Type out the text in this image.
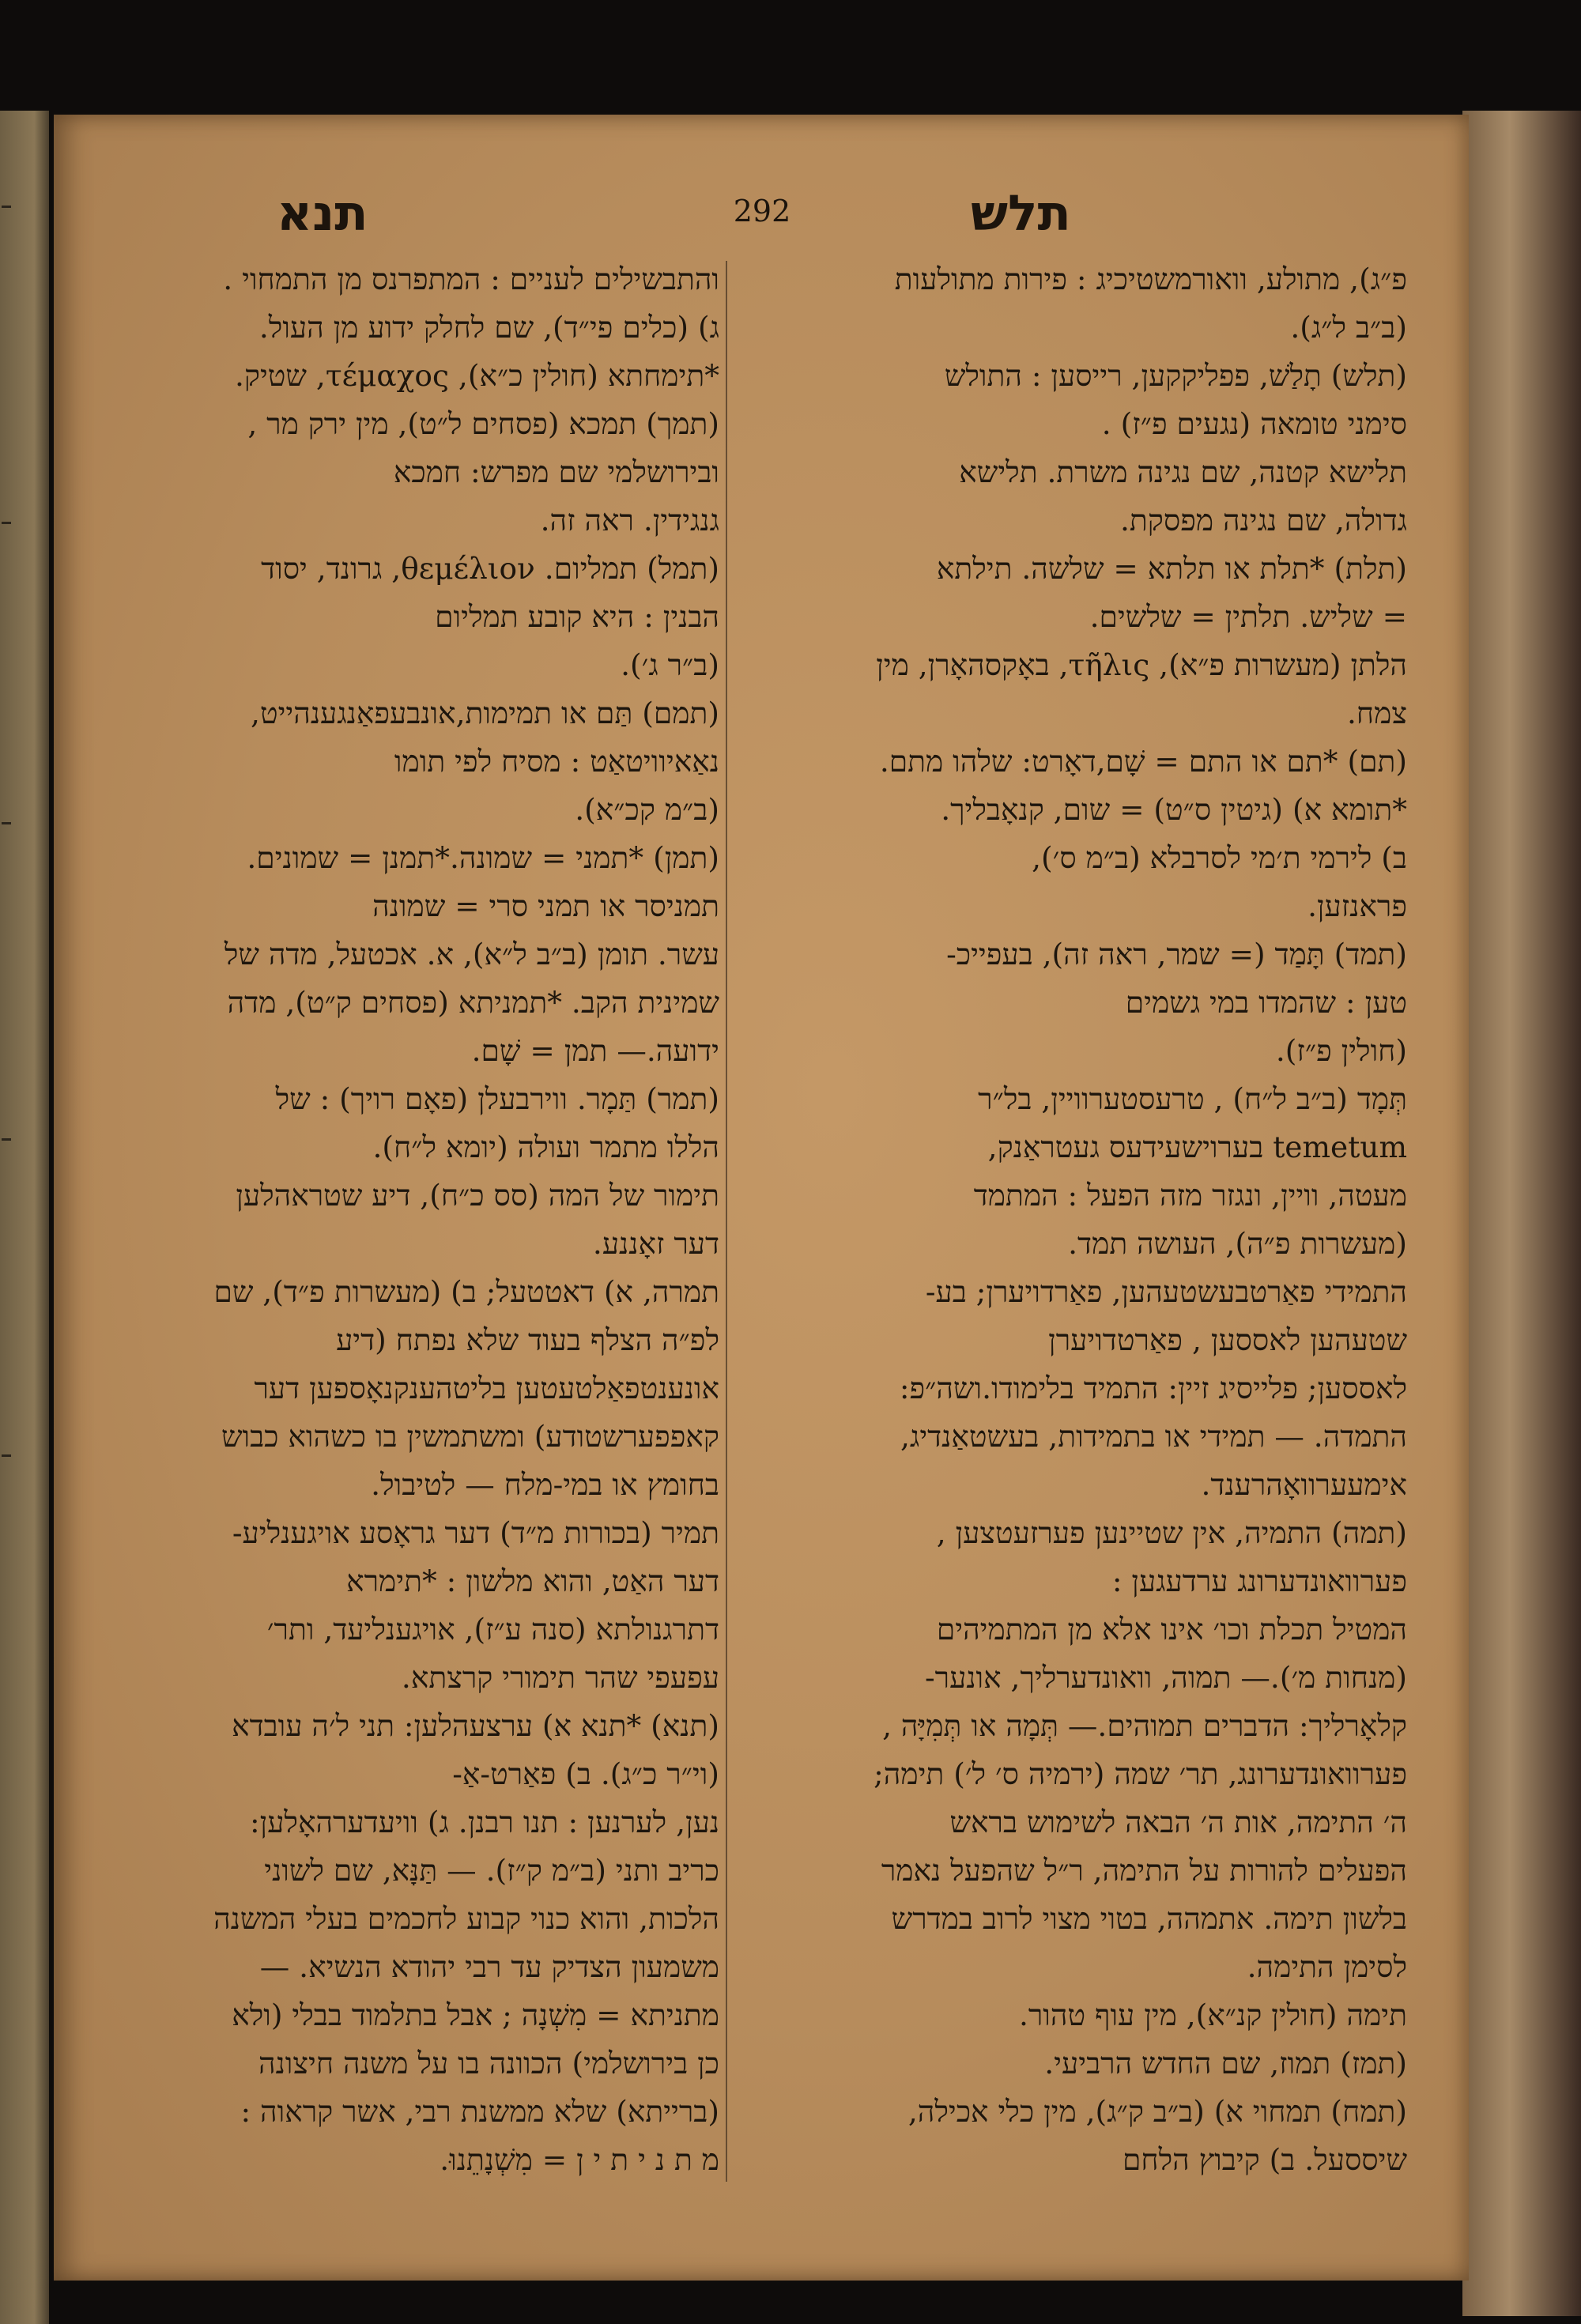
תנא	292	תלש

פ״ג), מתולע, וואורמשטיכיג : פירות מתולעות

(ב״ב ל״ג).

(תלש) תָלַשׁ, פפליקקען, רייסען : התולש

סימני טומאה (נגעים פ״ז) .

תלישא קטנה, שם נגינה משרת. תלישא

גדולה, שם נגינה מפסקת.

(תלת) *תלת או תלתא = שלשה. תילתא

= שליש. תלתין = שלשים.

הלתן (מעשרות פ״א), τῆλις, באָקסהאָרן, מין

צמח.

(תם) *תם או התם = שָׁם,דאָרט: שלהו מתם.

*תומא א) (גיטין ס״ט) = שום, קנאָבליך.

ב) לירמי ת׳מי לסרבלא (ב״מ ס׳),

פראנזען.

(תמד) תָּמַד (= שמר, ראה זה), בעפייכ-

טען : שהמדו במי גשמים

(חולין פ״ז).

תְּמָד (ב״ב ל״ח) , טרעסטערוויין, בל״ר

temetum בערוישעידעס געטראַנק,

מעטה, וויין, ונגזר מזה הפעל : המתמד

(מעשרות פ״ה), העושה תמד.

התמידי פאַרטבעשטעהען, פאַרדויערן; בע-

שטעהען לאססען , פאַרטדויערן

לאססען; פלייסיג זיין: התמיד בלימודו.ושה״פ:

התמדה. — תמידי או בתמידות, בעשטאַנדיג,

אימעערוואָהרענד.

(תמה) התמיה, אין שטיינען פערזעטצען ,

פערוואונדערונג ערדעגען :

המטיל תכלת וכו׳ אינו אלא מן המתמיהים

(מנחות מ׳).— תמוה, וואונדערליך, אונער-

קלאָרליך: הדברים תמוהים.— תְּמָה או תְּמִיָּה ,

פערוואונדערונג, תר׳ שמה (ירמיה ס׳ ל׳) תימה;

ה׳ התימה, אות ה׳ הבאה לשימוש בראש

הפעלים להורות על התימה, ר״ל שהפעל נאמר

בלשון תימה. אתמהה, בטוי מצוי לרוב במדרש

לסימן התימה.

תימה (חולין קנ״א), מין עוף טהור.

(תמז) תמוז, שם החדש הרביעי.

(תמח) תמחוי א) (ב״ב ק״ג), מין כלי אכילה,

שיססעל. ב) קיבוץ הלחם

והתבשילים לעניים : המתפרנס מן התמחוי .

ג) (כלים פי״ד), שם לחלק ידוע מן העול.

*תימחתא (חולין כ״א), τέμαχος, שטיק.

(תמך) תמכא (פסחים ל״ט), מין ירק מר ,

ובירושלמי שם מפרש: חמכא

גנגידין. ראה זה.

(תמל) תמליום. θεμέλιον, גרונד, יסוד

הבנין : היא קובע תמליום

(ב״ר ג׳).

(תמם) תַּם או תמימות,אונבעפאַנגענהייט,

נאַאיוויטאַט : מסיח לפי תומו

(ב״מ קכ״א).

(תמן) *תמני = שמונה.*תמנן = שמונים.

תמניסר או תמני סרי = שמונה

עשר. תומן (ב״ב ל״א), א. אכטעל, מדה של

שמינית הקב. *תמניתא (פסחים ק״ט), מדה

ידועה.— תמן = שָׁם.

(תמר) תַּמָר. ווירבעלן (פאָם רויך) : של

הללו מתמר ועולה (יומא ל״ח).

תימור של המה (סס כ״ח), דיע שטראהלען

דער זאָננע.

תמרה, א) דאטטעל; ב) (מעשרות פ״ד), שם

לפ״ה הצלף בעוד שלא נפתח (דיע

אונענטפאַלטעטען בליטהענקנאָספען דער

קאפפערשטודע) ומשתמשין בו כשהוא כבוש

בחומץ או במי-מלח — לטיבול.

תמיר (בכורות מ״ד) דער גראָסע אויגענליע-

דער האַט, והוא מלשון : *תימרא

דתרגנולתא (סנה ע״ז), אויגענליעד, ותר׳

עפעפי שהר תימורי קרצתא.

(תנא) *תנא א) ערצעהלען: תני ל׳ה עובדא

(וי״ר כ״ג). ב) פאַרט-אַ-

נען, לערנען : תנו רבנן. ג) וויעדערהאָלען:

כריב ותני (ב״מ ק״ז). — תַּנָּא, שם לשוני

הלכות, והוא כנוי קבוע לחכמים בעלי המשנה

משמעון הצדיק עד רבי יהודא הנשיא. —

מתניתא = מִשְׁנָה ; אבל בתלמוד בבלי (ולא

כן בירושלמי) הכוונה בו על משנה חיצונה

(ברייתא) שלא ממשנת רבי, אשר קראוה :

מ ת נ י ת י ן = מִשְׁנָתֵנוּ.
